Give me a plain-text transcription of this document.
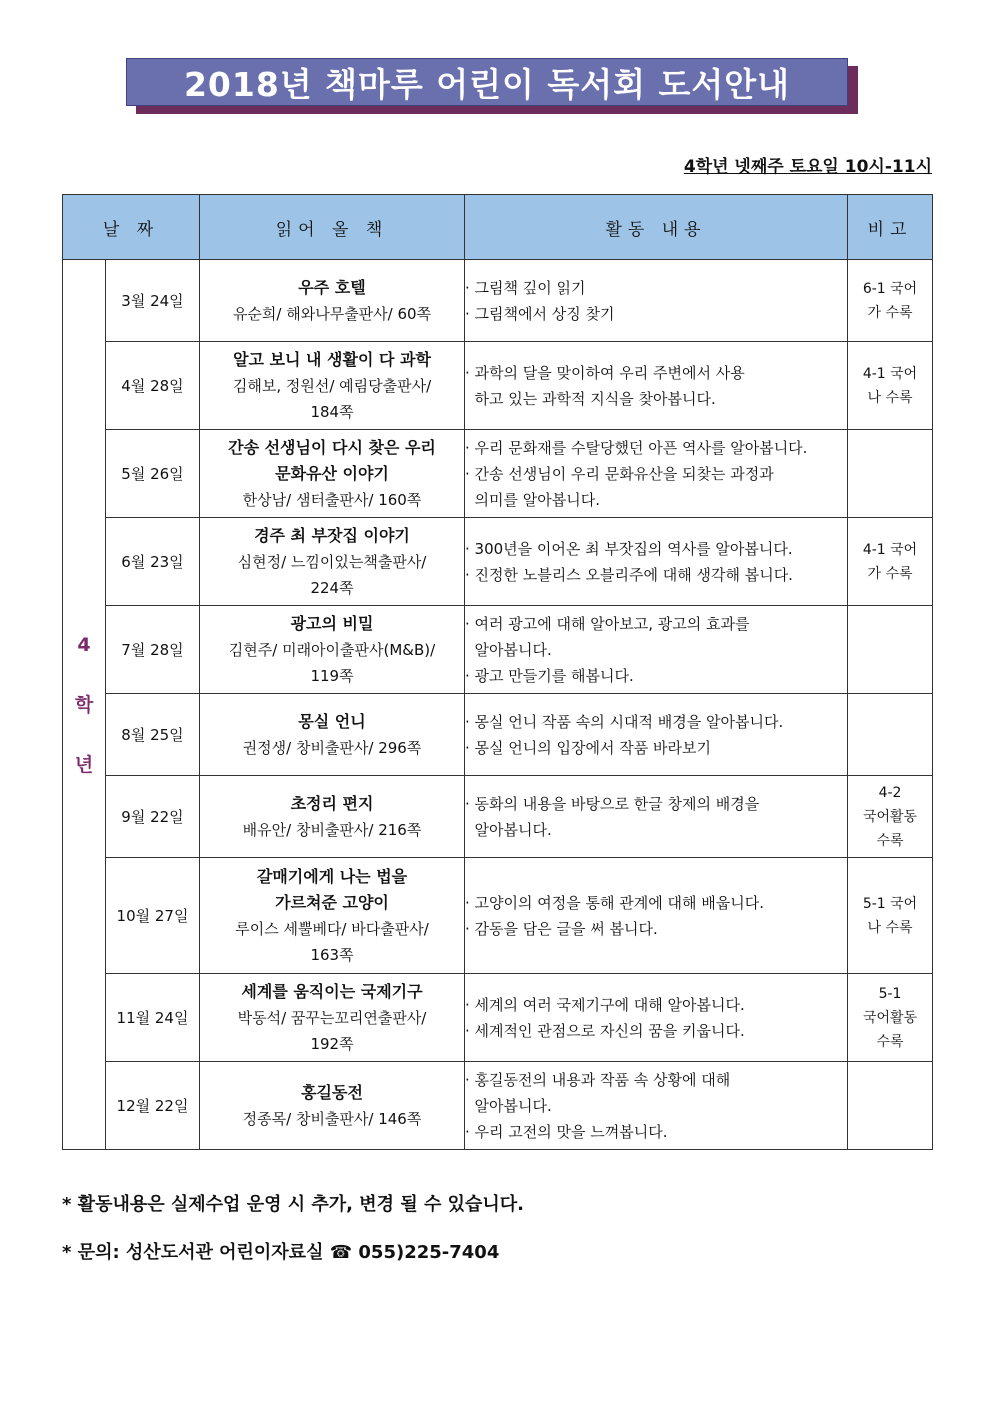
2018년 책마루 어린이 독서회 도서안내
4학년 넷째주 토요일 10시-11시
날 짜		읽어 올 책	활동 내용	비고

4
학
년	3월 24일	우주 호텔
유순희/ 해와나무출판사/ 60쪽	· 그림책 깊이 읽기
· 그림책에서 상징 찾기	6-1 국어
가 수록

	4월 28일	알고 보니 내 생활이 다 과학
김해보, 정원선/ 예림당출판사/
184쪽	· 과학의 달을 맞이하여 우리 주변에서 사용
하고 있는 과학적 지식을 찾아봅니다.	4-1 국어
나 수록

	5월 26일	간송 선생님이 다시 찾은 우리
문화유산 이야기
한상남/ 샘터출판사/ 160쪽	· 우리 문화재를 수탈당했던 아픈 역사를 알아봅니다.
· 간송 선생님이 우리 문화유산을 되찾는 과정과
의미를 알아봅니다.	

	6월 23일	경주 최 부잣집 이야기
심현정/ 느낌이있는책출판사/
224쪽	· 300년을 이어온 최 부잣집의 역사를 알아봅니다.
· 진정한 노블리스 오블리주에 대해 생각해 봅니다.	4-1 국어
가 수록

	7월 28일	광고의 비밀
김현주/ 미래아이출판사(M&B)/
119쪽	· 여러 광고에 대해 알아보고, 광고의 효과를
알아봅니다.
· 광고 만들기를 해봅니다.	

	8월 25일	몽실 언니
권정생/ 창비출판사/ 296쪽	· 몽실 언니 작품 속의 시대적 배경을 알아봅니다.
· 몽실 언니의 입장에서 작품 바라보기	

	9월 22일	초정리 편지
배유안/ 창비출판사/ 216쪽	· 동화의 내용을 바탕으로 한글 창제의 배경을
알아봅니다.	4-2
국어활동
수록

	10월 27일	갈매기에게 나는 법을
가르쳐준 고양이
루이스 세뿔베다/ 바다출판사/
163쪽	· 고양이의 여정을 통해 관계에 대해 배웁니다.
· 감동을 담은 글을 써 봅니다.	5-1 국어
나 수록

	11월 24일	세계를 움직이는 국제기구
박동석/ 꿈꾸는꼬리연출판사/
192쪽	· 세계의 여러 국제기구에 대해 알아봅니다.
· 세계적인 관점으로 자신의 꿈을 키웁니다.	5-1
국어활동
수록

	12월 22일	홍길동전
정종목/ 창비출판사/ 146쪽	· 홍길동전의 내용과 작품 속 상황에 대해
알아봅니다.
· 우리 고전의 맛을 느껴봅니다.	

* 활동내용은 실제수업 운영 시 추가, 변경 될 수 있습니다.
* 문의: 성산도서관 어린이자료실 ☎ 055)225-7404
